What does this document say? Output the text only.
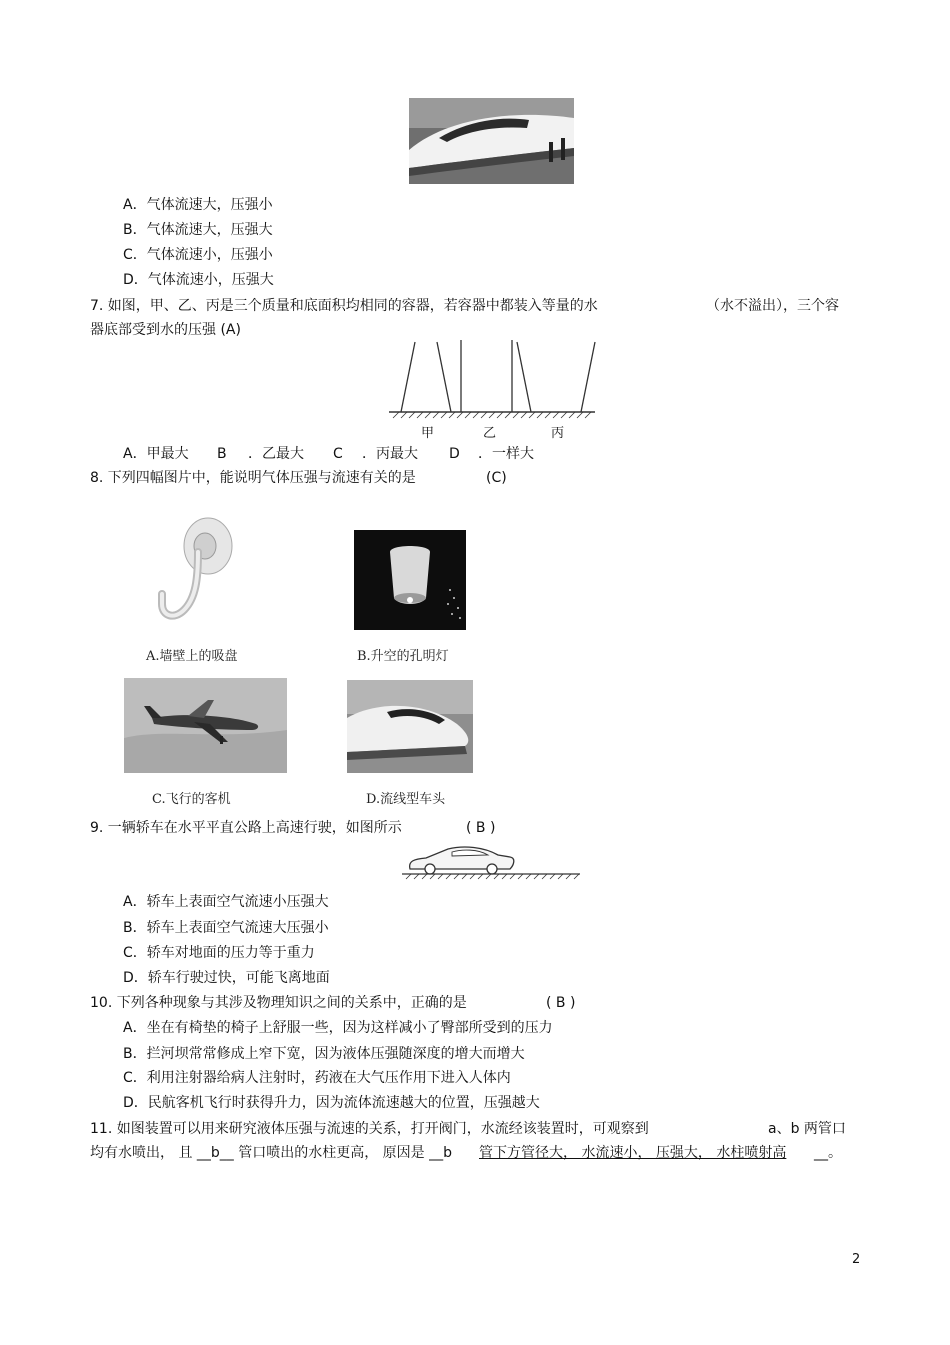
A．气体流速大，压强小
B．气体流速大，压强大
C．气体流速小，压强小
D．气体流速小，压强大
7. 如图，甲、乙、丙是三个质量和底面积均相同的容器，若容器中都装入等量的水	（水不溢出），三个容
器底部受到水的压强 (A)
甲	乙	丙
A．甲最大 B ．乙最大 C ．丙最大 D ．一样大
8. 下列四幅图片中，能说明气体压强与流速有关的是	(C)
A.墙壁上的吸盘	B.升空的孔明灯
C.飞行的客机	D.流线型车头
9. 一辆轿车在水平平直公路上高速行驶，如图所示	( B )
A．轿车上表面空气流速小压强大
B．轿车上表面空气流速大压强小
C．轿车对地面的压力等于重力
D．轿车行驶过快，可能飞离地面
10. 下列各种现象与其涉及物理知识之间的关系中，正确的是	( B )
A．坐在有椅垫的椅子上舒服一些，因为这样减小了臀部所受到的压力
B．拦河坝常常修成上窄下宽，因为液体压强随深度的增大而增大
C．利用注射器给病人注射时，药液在大气压作用下进入人体内
D．民航客机飞行时获得升力，因为流体流速越大的位置，压强越大
11. 如图装置可以用来研究液体压强与流速的关系，打开阀门，水流经该装置时，可观察到	a、b 两管口
均有水喷出， 且 __b__ 管口喷出的水柱更高， 原因是 __b 管下方管径大， 水流速小， 压强大， 水柱喷射高 __。
2
